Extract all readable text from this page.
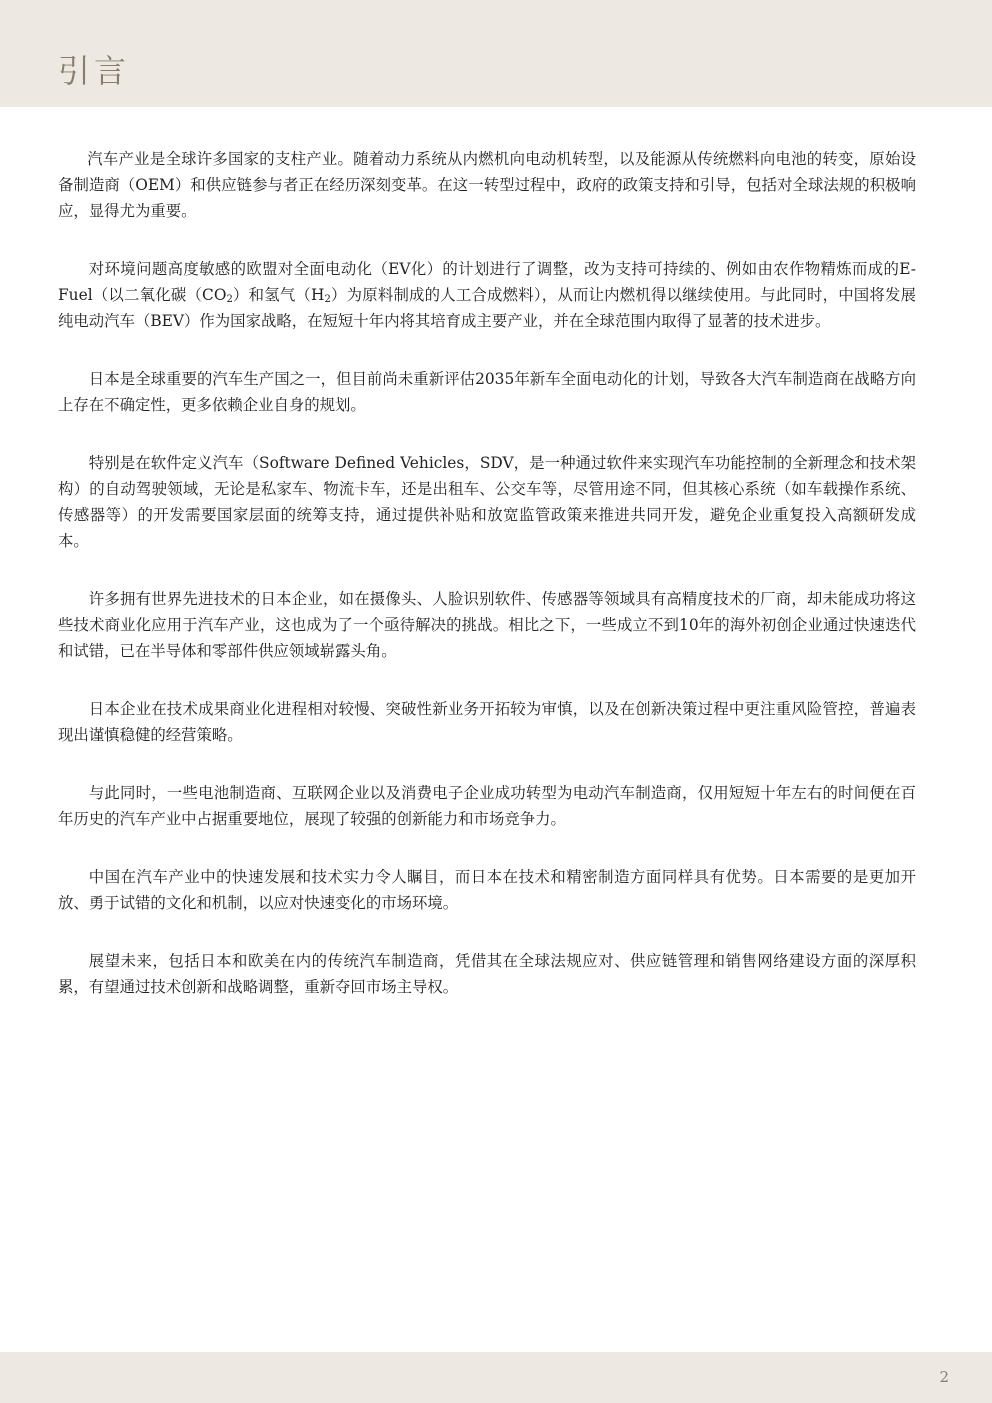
引言

汽车产业是全球许多国家的支柱产业。随着动力系统从内燃机向电动机转型，以及能源从传统燃料向电池的转变，原始设备制造商（OEM）和供应链参与者正在经历深刻变革。在这一转型过程中，政府的政策支持和引导，包括对全球法规的积极响应，显得尤为重要。

对环境问题高度敏感的欧盟对全面电动化（EV化）的计划进行了调整，改为支持可持续的、例如由农作物精炼而成的E-Fuel（以二氧化碳$(CO_2)$和氢气$(H_2)$为原料制成的人工合成燃料），从而让内燃机得以继续使用。与此同时，中国将发展纯电动汽车（BEV）作为国家战略，在短短十年内将其培育成主要产业，并在全球范围内取得了显著的技术进步。

日本是全球重要的汽车生产国之一，但目前尚未重新评估2035年新车全面电动化的计划，导致各大汽车制造商在战略方向上存在不确定性，更多依赖企业自身的规划。

特别是在软件定义汽车（Software Defined Vehicles，SDV，是一种通过软件来实现汽车功能控制的全新理念和技术架构）的自动驾驶领域，无论是私家车、物流卡车，还是出租车、公交车等，尽管用途不同，但其核心系统（如车载操作系统、传感器等）的开发需要国家层面的统筹支持，通过提供补贴和放宽监管政策来推进共同开发，避免企业重复投入高额研发成本。

许多拥有世界先进技术的日本企业，如在摄像头、人脸识别软件、传感器等领域具有高精度技术的厂商，却未能成功将这些技术商业化应用于汽车产业，这也成为了一个亟待解决的挑战。相比之下，一些成立不到10年的海外初创企业通过快速迭代和试错，已在半导体和零部件供应领域崭露头角。

日本企业在技术成果商业化进程相对较慢、突破性新业务开拓较为审慎，以及在创新决策过程中更注重风险管控，普遍表现出谨慎稳健的经营策略。

与此同时，一些电池制造商、互联网企业以及消费电子企业成功转型为电动汽车制造商，仅用短短十年左右的时间便在百年历史的汽车产业中占据重要地位，展现了较强的创新能力和市场竞争力。

中国在汽车产业中的快速发展和技术实力令人瞩目，而日本在技术和精密制造方面同样具有优势。日本需要的是更加开放、勇于试错的文化和机制，以应对快速变化的市场环境。

展望未来，包括日本和欧美在内的传统汽车制造商，凭借其在全球法规应对、供应链管理和销售网络建设方面的深厚积累，有望通过技术创新和战略调整，重新夺回市场主导权。

2
